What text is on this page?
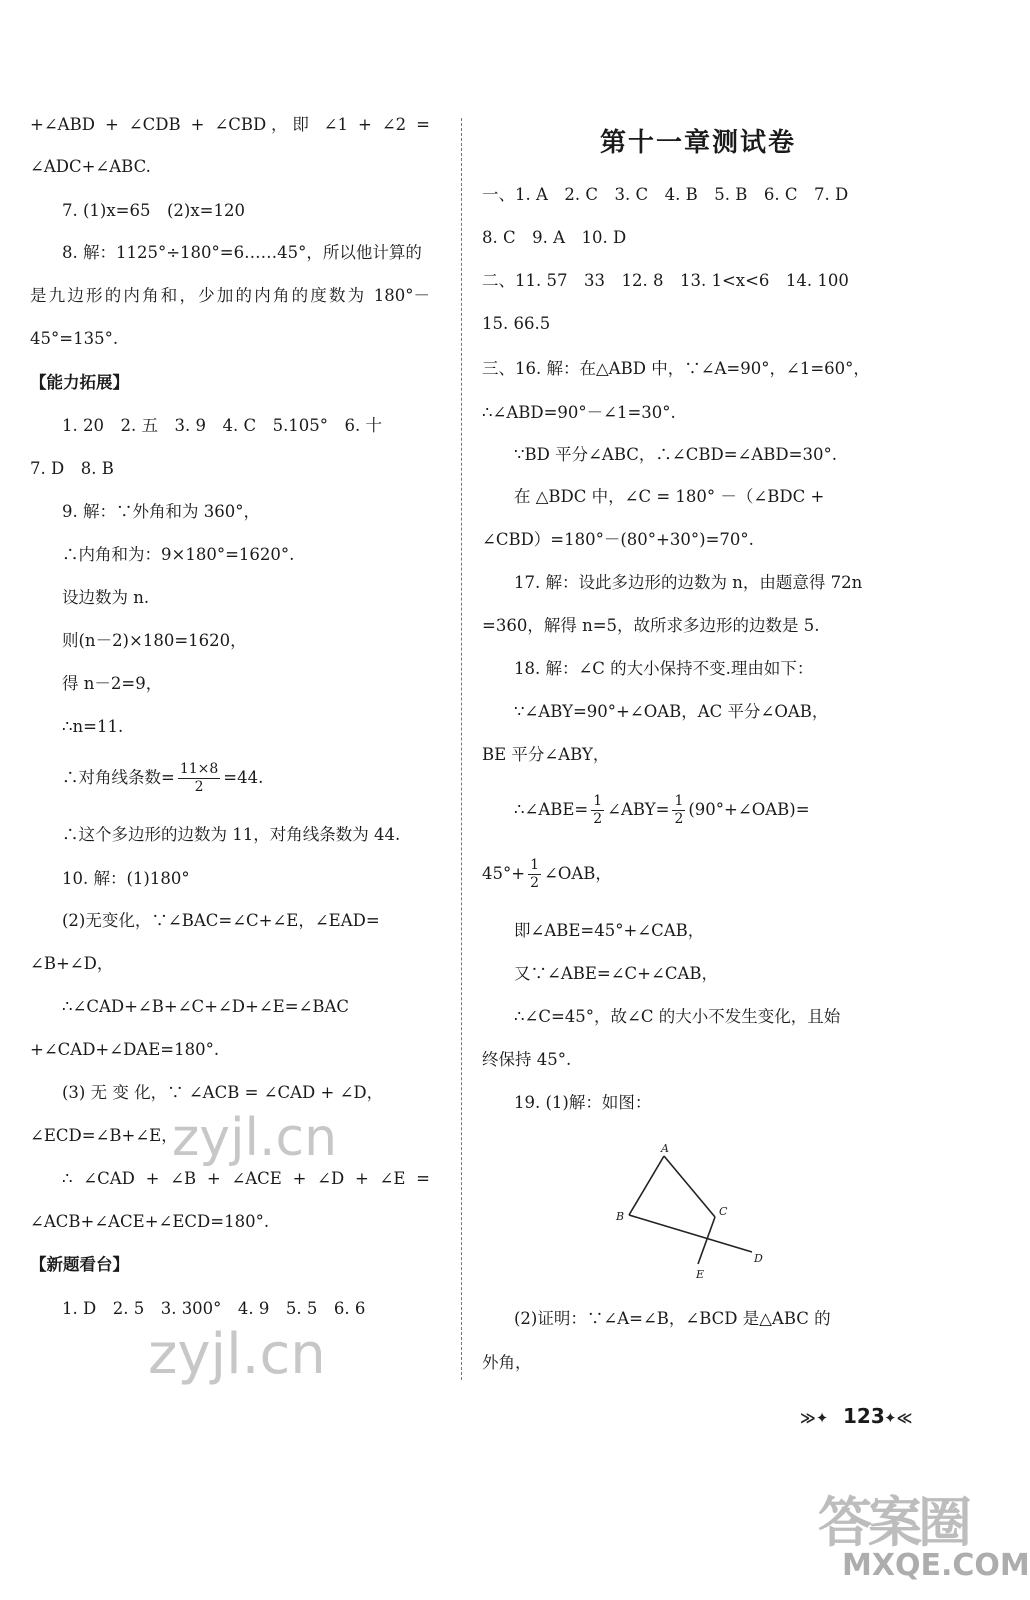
+∠ABD + ∠CDB + ∠CBD，即 ∠1 + ∠2 =
∠ADC+∠ABC.
7. (1)x=65　(2)x=120
8. 解：1125°÷180°=6……45°，所以他计算的
是九边形的内角和，少加的内角的度数为 180°－
45°=135°.
【能力拓展】
1. 20　2. 五　3. 9　4. C　5.105°　6. 十
7. D　8. B
9. 解：∵外角和为 360°，
∴内角和为：9×180°=1620°.
设边数为 n.
则(n－2)×180=1620，
得 n－2=9，
∴n=11.
∴对角线条数= $\frac{11\times 8}{2} =44$.
∴这个多边形的边数为 11，对角线条数为 44.
10. 解：(1)180°
(2)无变化，∵∠BAC=∠C+∠E，∠EAD=
∠B+∠D，
∴∠CAD+∠B+∠C+∠D+∠E=∠BAC
+∠CAD+∠DAE=180°.
(3) 无 变 化，∵ ∠ACB = ∠CAD + ∠D，
∠ECD=∠B+∠E，
∴ ∠CAD + ∠B + ∠ACE + ∠D + ∠E =
∠ACB+∠ACE+∠ECD=180°.
【新题看台】
1. D　2. 5　3. 300°　4. 9　5. 5　6. 6
第十一章测试卷
一、1. A　2. C　3. C　4. B　5. B　6. C　7. D
8. C　9. A　10. D
二、11. 57　33　12. 8　13. 1<x<6　14. 100
15. 66.5
三、16. 解：在△ABD 中，∵∠A=90°，∠1=60°，
∴∠ABD=90°－∠1=30°.
∵BD 平分∠ABC，∴∠CBD=∠ABD=30°.
在 △BDC 中，∠C = 180° －（∠BDC +
∠CBD）=180°－(80°+30°)=70°.
17. 解：设此多边形的边数为 n，由题意得 72n
=360，解得 n=5，故所求多边形的边数是 5.
18. 解：∠C 的大小保持不变.理由如下：
∵∠ABY=90°+∠OAB，AC 平分∠OAB，
BE 平分∠ABY，
∴∠ABE= $\frac{1}{2}$ ∠ABY= $\frac{1}{2}$ (90°+∠OAB)=
$45^\circ+ \frac{1}{2}$ ∠OAB，
即∠ABE=45°+∠CAB，
又∵∠ABE=∠C+∠CAB，
∴∠C=45°，故∠C 的大小不发生变化，且始
终保持 45°.
19. (1)解：如图：
A
B	C
D
E
(2)证明：∵∠A=∠B，∠BCD 是△ABC 的
外角，
≫✦ 123 ✦≪
zyjl.cn
zyjl.cn
答案圈
MXQE.COM
